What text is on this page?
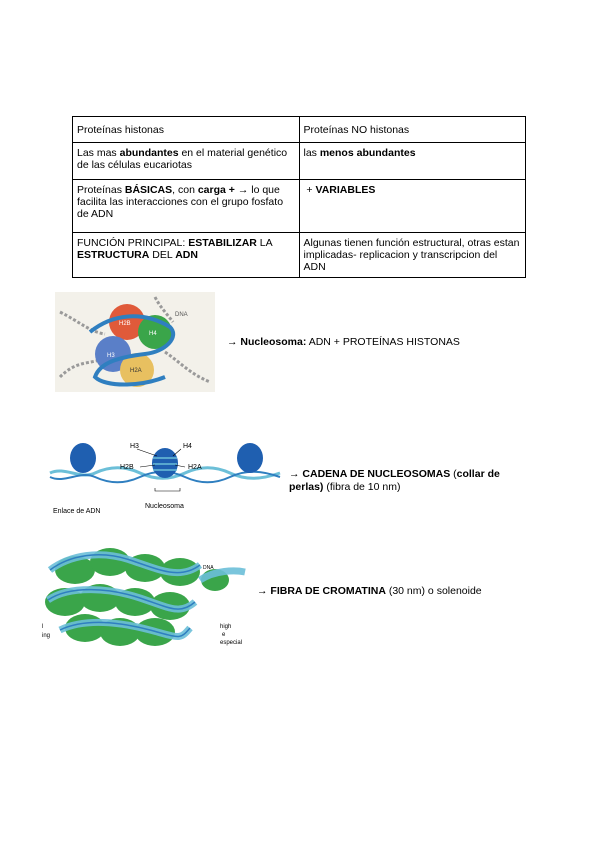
Proteínas histonas	Proteínas NO histonas
Las mas abundantes en el material genético de las células eucariotas	las menos abundantes
Proteínas BÁSICAS, con carga + → lo que facilita las interacciones con el grupo fosfato de ADN	+ VARIABLES
FUNCIÓN PRINCIPAL: ESTABILIZAR LA ESTRUCTURA DEL ADN	Algunas tienen función estructural, otras estan implicadas- replicacion y transcripcion del ADN
DNA
H2B
H4
H3
H2A
→ Nucleosoma: ADN + PROTEÍNAS HISTONAS
H3	H4
H2B	H2A
Enlace de ADN
Nucleosoma
→ CADENA DE NUCLEOSOMAS (collar de perlas) (fibra de 10 nm)
DNA
l
ing
high
e
especial
→ FIBRA DE CROMATINA (30 nm) o solenoide
